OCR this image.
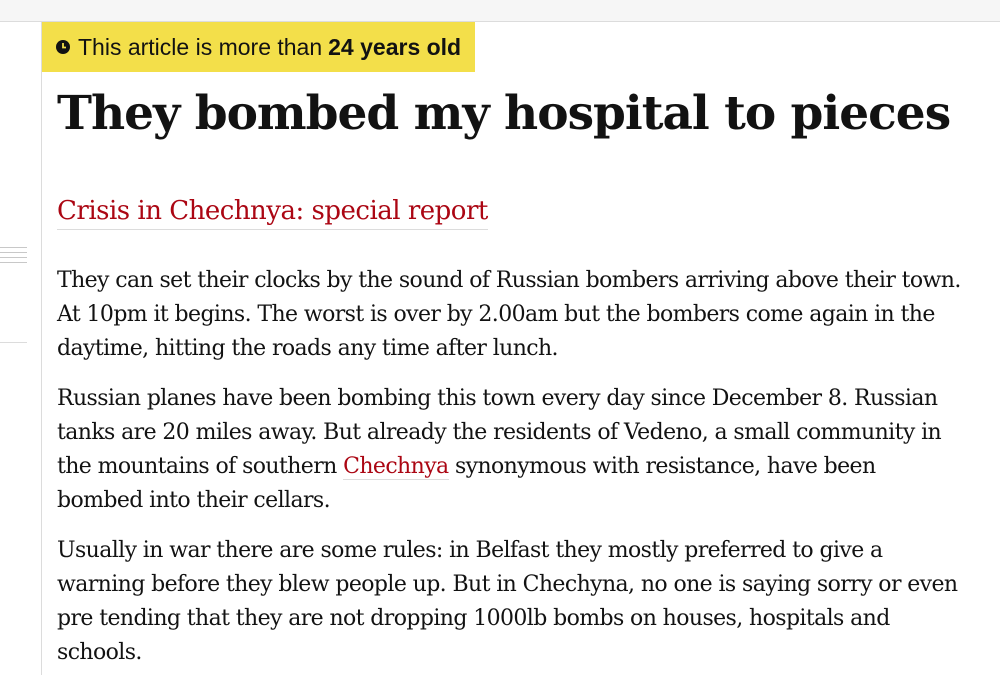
This article is more than 24 years old
They bombed my hospital to pieces
Crisis in Chechnya: special report

They can set their clocks by the sound of Russian bombers arriving above their town. At 10pm it begins. The worst is over by 2.00am but the bombers come again in the daytime, hitting the roads any time after lunch.

Russian planes have been bombing this town every day since December 8. Russian tanks are 20 miles away. But already the residents of Vedeno, a small community in the mountains of southern Chechnya synonymous with resistance, have been bombed into their cellars.

Usually in war there are some rules: in Belfast they mostly preferred to give a warning before they blew people up. But in Chechyna, no one is saying sorry or even pre tending that they are not dropping 1000lb bombs on houses, hospitals and schools.
